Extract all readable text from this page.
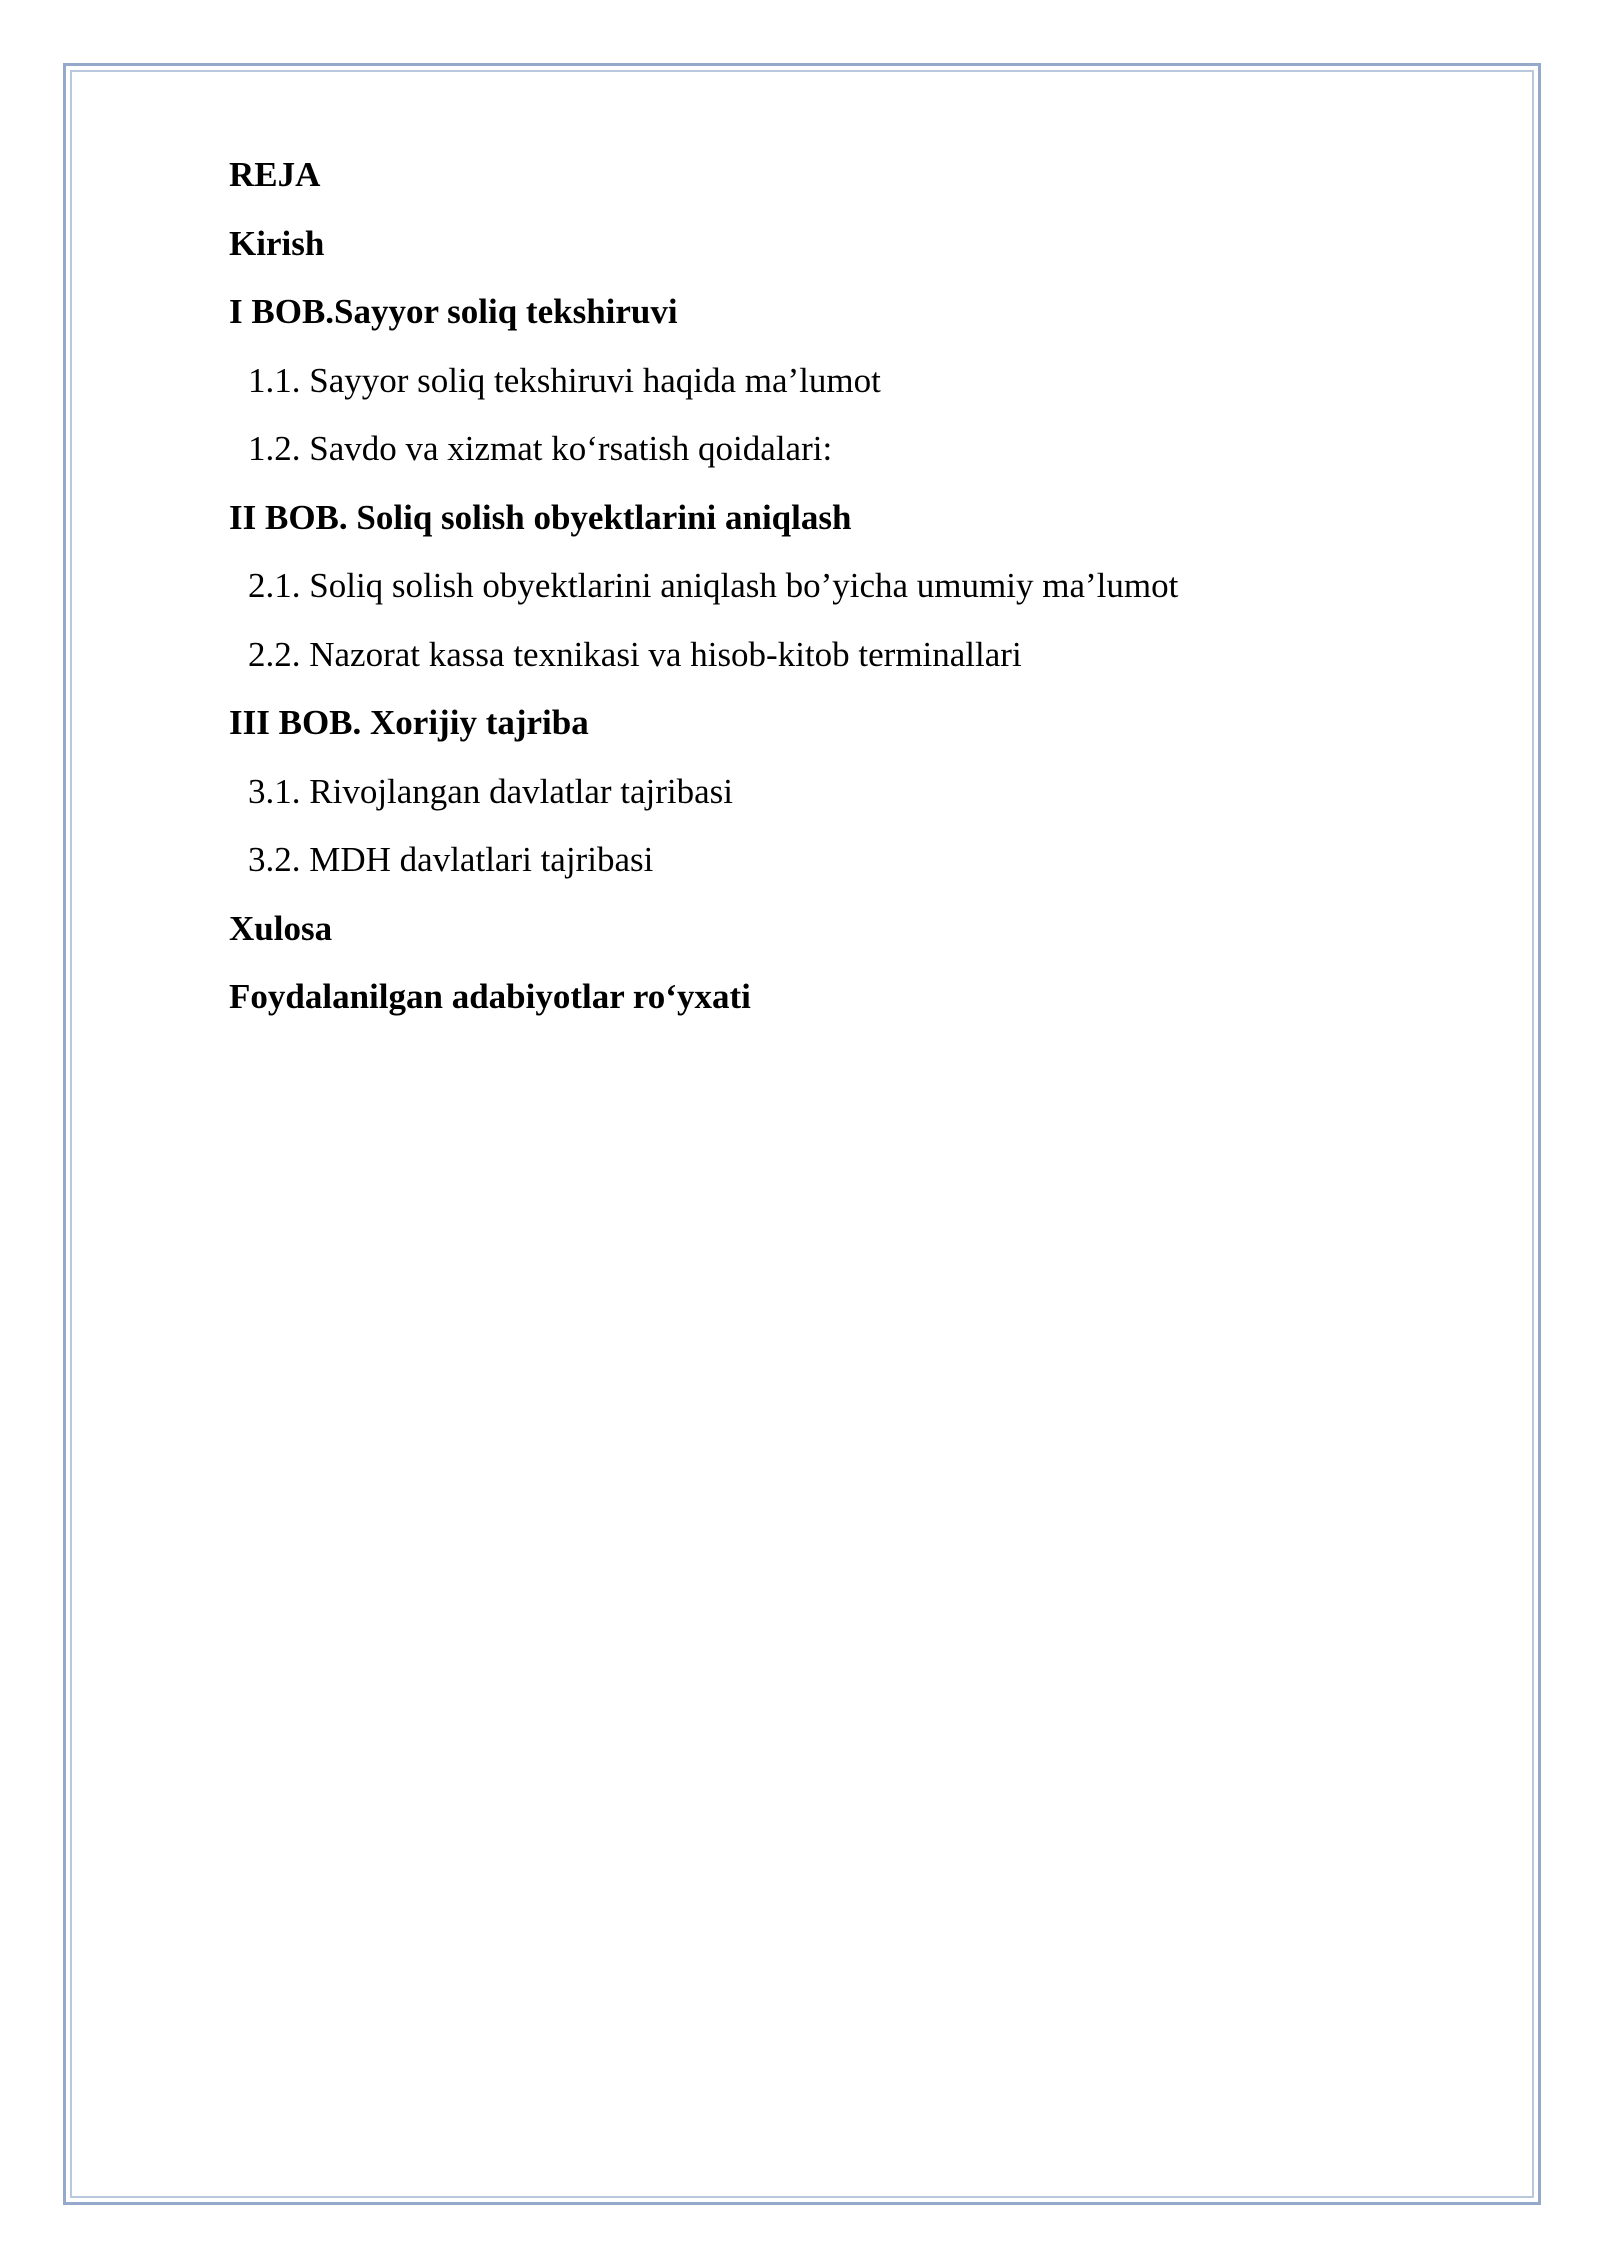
REJA
Kirish
I BOB.Sayyor soliq tekshiruvi
1.1. Sayyor soliq tekshiruvi haqida ma’lumot
1.2. Savdo va xizmat ko‘rsatish qoidalari:
II BOB. Soliq solish obyektlarini aniqlash
2.1. Soliq solish obyektlarini aniqlash bo’yicha umumiy ma’lumot
2.2. Nazorat kassa texnikasi va hisob-kitob terminallari
III BOB. Xorijiy tajriba
3.1. Rivojlangan davlatlar tajribasi
3.2. MDH davlatlari tajribasi
Xulosa
Foydalanilgan adabiyotlar ro‘yxati
